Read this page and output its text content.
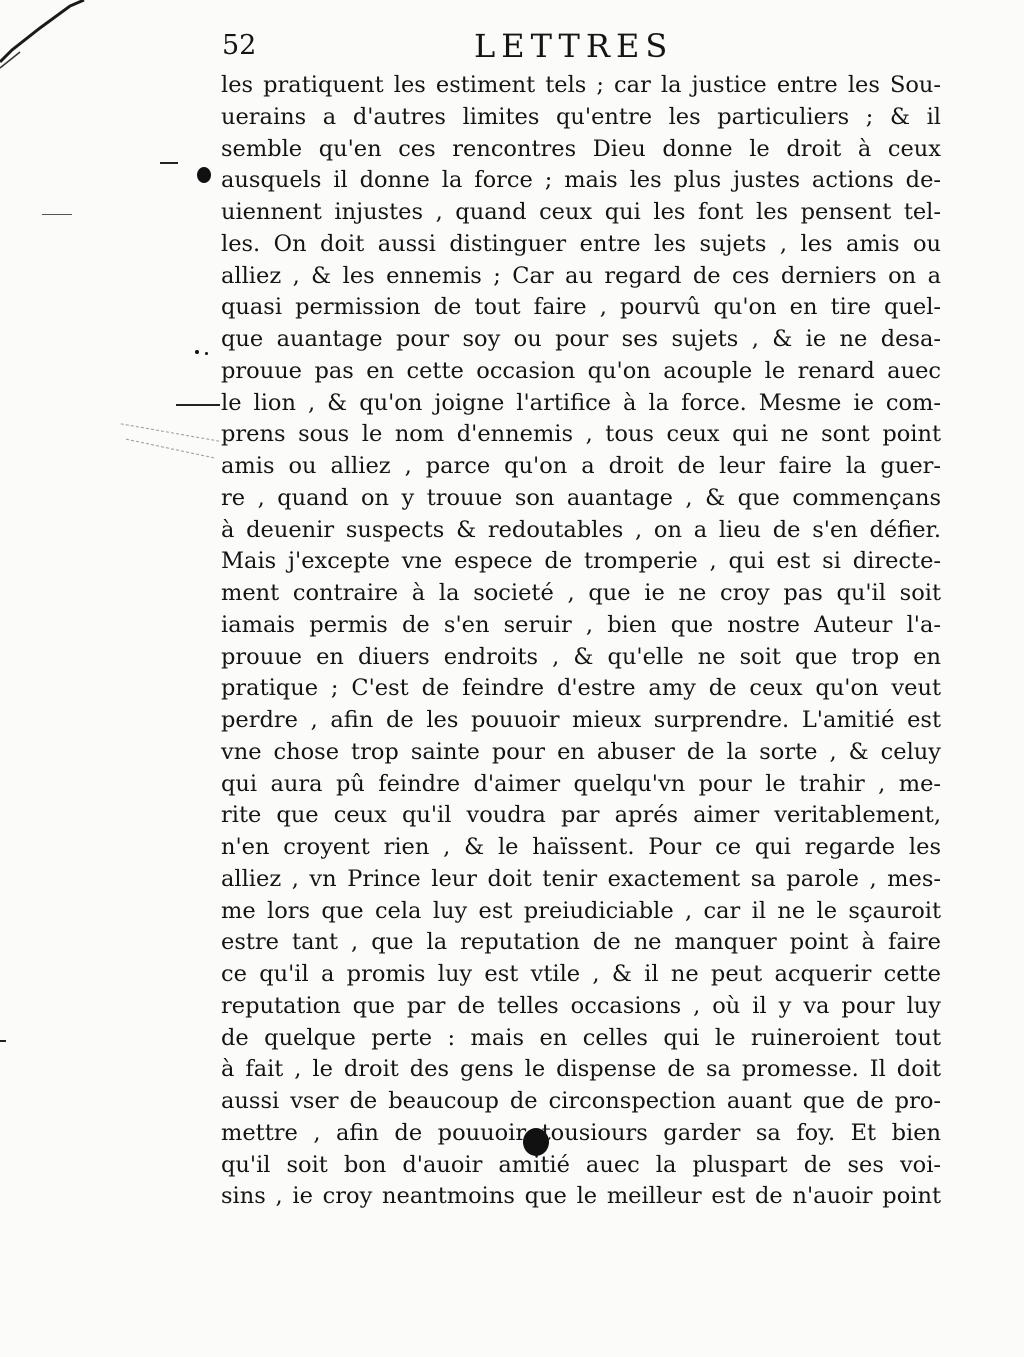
52	LETTRES
les pratiquent les estiment tels ; car la justice entre les Sou-
uerains a d'autres limites qu'entre les particuliers ; & il
semble qu'en ces rencontres Dieu donne le droit à ceux
ausquels il donne la force ; mais les plus justes actions de-
uiennent injustes , quand ceux qui les font les pensent tel-
les. On doit aussi distinguer entre les sujets , les amis ou
alliez , & les ennemis ; Car au regard de ces derniers on a
quasi permission de tout faire , pourvû qu'on en tire quel-
que auantage pour soy ou pour ses sujets , & ie ne desa-
prouue pas en cette occasion qu'on acouple le renard auec
le lion , & qu'on joigne l'artifice à la force. Mesme ie com-
prens sous le nom d'ennemis , tous ceux qui ne sont point
amis ou alliez , parce qu'on a droit de leur faire la guer-
re , quand on y trouue son auantage , & que commençans
à deuenir suspects & redoutables , on a lieu de s'en défier.
Mais j'excepte vne espece de tromperie , qui est si directe-
ment contraire à la societé , que ie ne croy pas qu'il soit
iamais permis de s'en seruir , bien que nostre Auteur l'a-
prouue en diuers endroits , & qu'elle ne soit que trop en
pratique ; C'est de feindre d'estre amy de ceux qu'on veut
perdre , afin de les pouuoir mieux surprendre. L'amitié est
vne chose trop sainte pour en abuser de la sorte , & celuy
qui aura pû feindre d'aimer quelqu'vn pour le trahir , me-
rite que ceux qu'il voudra par aprés aimer veritablement,
n'en croyent rien , & le haïssent. Pour ce qui regarde les
alliez , vn Prince leur doit tenir exactement sa parole , mes-
me lors que cela luy est preiudiciable , car il ne le sçauroit
estre tant , que la reputation de ne manquer point à faire
ce qu'il a promis luy est vtile , & il ne peut acquerir cette
reputation que par de telles occasions , où il y va pour luy
de quelque perte : mais en celles qui le ruineroient tout
à fait , le droit des gens le dispense de sa promesse. Il doit
aussi vser de beaucoup de circonspection auant que de pro-
mettre , afin de pouuoir tousiours garder sa foy. Et bien
qu'il soit bon d'auoir amitié auec la pluspart de ses voi-
sins , ie croy neantmoins que le meilleur est de n'auoir point
